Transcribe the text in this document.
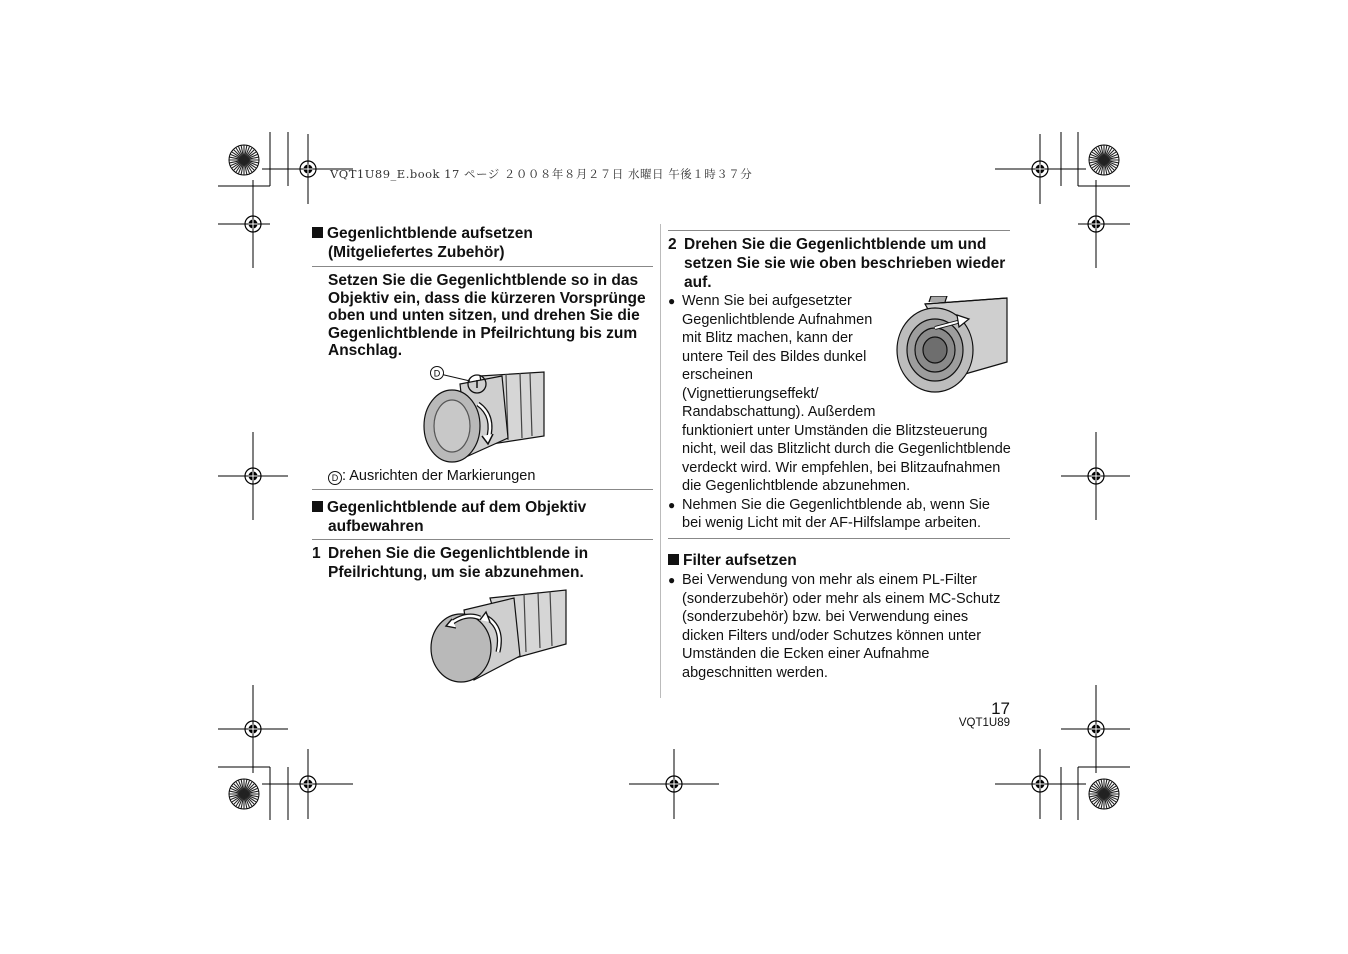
VQT1U89_E.book 17 ページ ２００８年８月２７日 水曜日 午後１時３７分
Gegenlichtblende aufsetzen
(Mitgeliefertes Zubehör)
Setzen Sie die Gegenlichtblende so in das Objektiv ein, dass die kürzeren Vorsprünge oben und unten sitzen, und drehen Sie die Gegenlichtblende in Pfeilrichtung bis zum Anschlag.
D
D : Ausrichten der Markierungen
Gegenlichtblende auf dem Objektiv
aufbewahren
1 Drehen Sie die Gegenlichtblende in Pfeilrichtung, um sie abzunehmen.
2 Drehen Sie die Gegenlichtblende um und setzen Sie sie wie oben beschrieben wieder auf.
● Wenn Sie bei aufgesetzter
Gegenlichtblende Aufnahmen
mit Blitz machen, kann der
untere Teil des Bildes dunkel
erscheinen
(Vignettierungseffekt/
Randabschattung). Außerdem
funktioniert unter Umständen die Blitzsteuerung nicht, weil das Blitzlicht durch die Gegenlichtblende verdeckt wird. Wir empfehlen, bei Blitzaufnahmen die Gegenlichtblende abzunehmen.
● Nehmen Sie die Gegenlichtblende ab, wenn Sie bei wenig Licht mit der AF-Hilfslampe arbeiten.
Filter aufsetzen
● Bei Verwendung von mehr als einem PL-Filter (sonderzubehör) oder mehr als einem MC-Schutz (sonderzubehör) bzw. bei Verwendung eines dicken Filters und/oder Schutzes können unter Umständen die Ecken einer Aufnahme abgeschnitten werden.
17
VQT1U89
